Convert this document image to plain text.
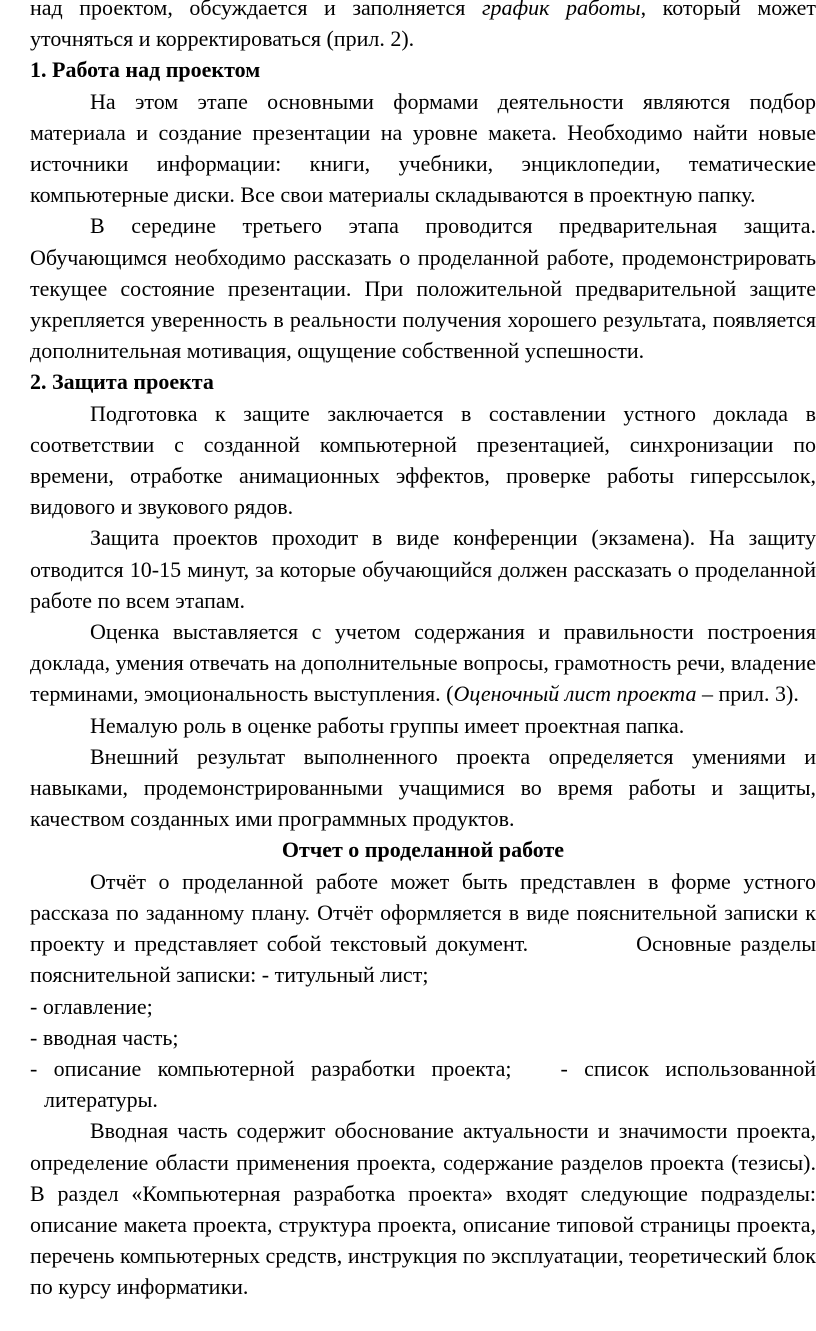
над проектом, обсуждается и заполняется график работы, который может уточняться и корректироваться (прил. 2).

1. Работа над проектом

На этом этапе основными формами деятельности являются подбор материала и создание презентации на уровне макета. Необходимо найти новые источники информации: книги, учебники, энциклопедии, тематические компьютерные диски. Все свои материалы складываются в проектную папку.

В середине третьего этапа проводится предварительная защита. Обучающимся необходимо рассказать о проделанной работе, продемонстрировать текущее состояние презентации. При положительной предварительной защите укрепляется уверенность в реальности получения хорошего результата, появляется дополнительная мотивация, ощущение собственной успешности.

2. Защита проекта

Подготовка к защите заключается в составлении устного доклада в соответствии с созданной компьютерной презентацией, синхронизации по времени, отработке анимационных эффектов, проверке работы гиперссылок, видового и звукового рядов.

Защита проектов проходит в виде конференции (экзамена). На защиту отводится 10-15 минут, за которые обучающийся должен рассказать о проделанной работе по всем этапам.

Оценка выставляется с учетом содержания и правильности построения доклада, умения отвечать на дополнительные вопросы, грамотность речи, владение терминами, эмоциональность выступления. (Оценочный лист проекта – прил. 3).

Немалую роль в оценке работы группы имеет проектная папка.

Внешний результат выполненного проекта определяется умениями и навыками, продемонстрированными учащимися во время работы и защиты, качеством созданных ими программных продуктов.

Отчет о проделанной работе

Отчёт о проделанной работе может быть представлен в форме устного рассказа по заданному плану. Отчёт оформляется в виде пояснительной записки к проекту и представляет собой текстовый документ.            Основные разделы пояснительной записки: - титульный лист;

- оглавление;

- вводная часть;

- описание компьютерной разработки проекта;   - список использованной литературы.

Вводная часть содержит обоснование актуальности и значимости проекта, определение области применения проекта, содержание разделов проекта (тезисы). В раздел «Компьютерная разработка проекта» входят следующие подразделы: описание макета проекта, структура проекта, описание типовой страницы проекта, перечень компьютерных средств, инструкция по эксплуатации, теоретический блок по курсу информатики.
